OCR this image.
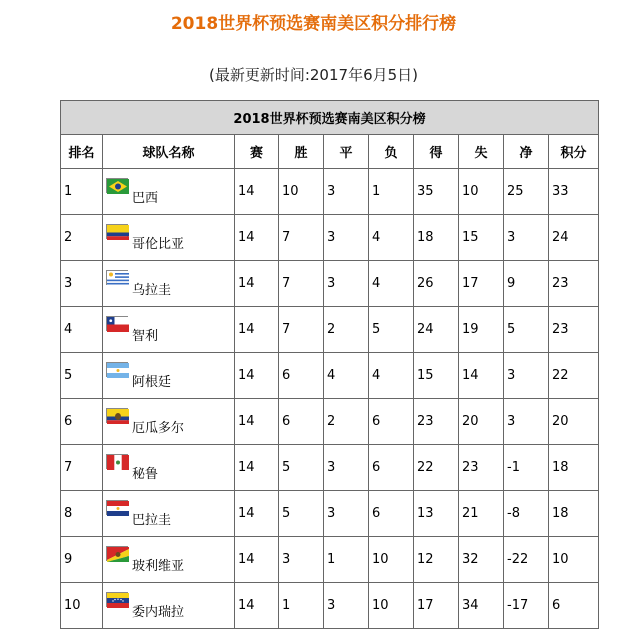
2018世界杯预选赛南美区积分排行榜
(最新更新时间:2017年6月5日)
2018世界杯预选赛南美区积分榜									
排名	球队名称	赛	胜	平	负	得	失	净	积分
1	巴西	14	10	3	1	35	10	25	33
2	哥伦比亚	14	7	3	4	18	15	3	24
3	乌拉圭	14	7	3	4	26	17	9	23
4	智利	14	7	2	5	24	19	5	23
5	阿根廷	14	6	4	4	15	14	3	22
6	厄瓜多尔	14	6	2	6	23	20	3	20
7	秘鲁	14	5	3	6	22	23	-1	18
8	巴拉圭	14	5	3	6	13	21	-8	18
9	玻利维亚	14	3	1	10	12	32	-22	10
10	委内瑞拉	14	1	3	10	17	34	-17	6
